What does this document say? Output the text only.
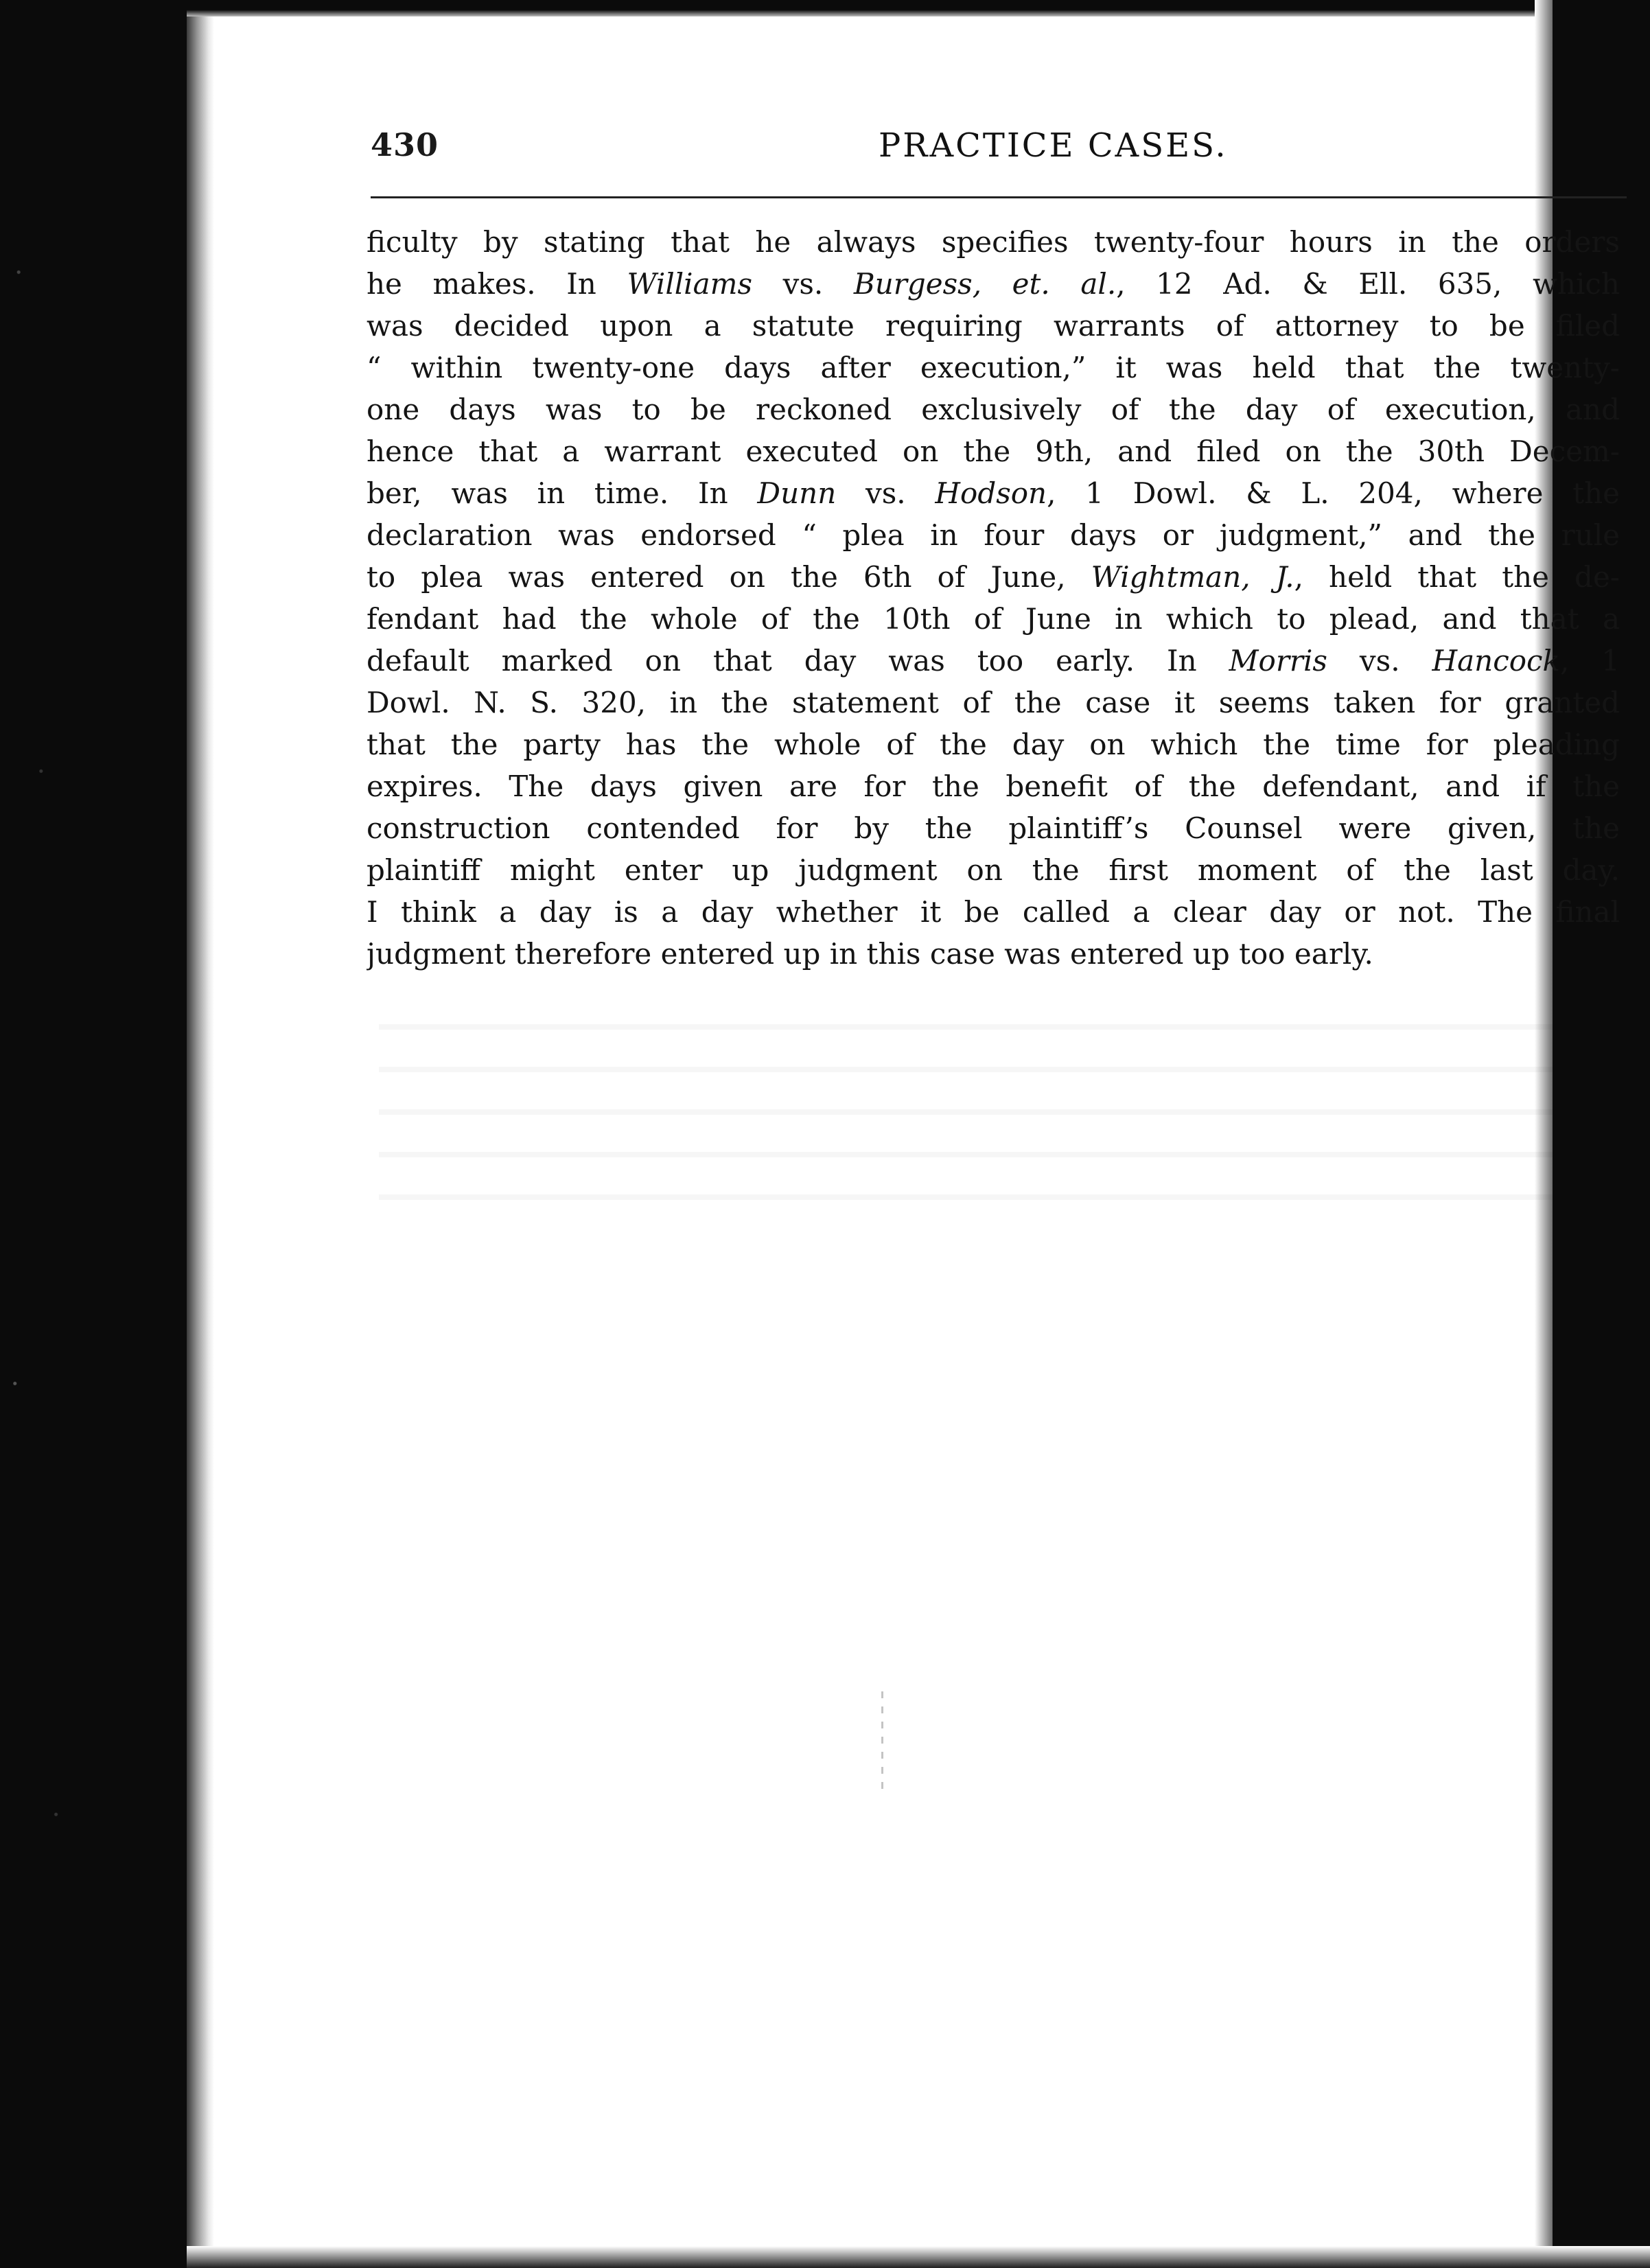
430	PRACTICE CASES.
ficulty by stating that he always specifies twenty-four hours in the orders
he makes. In Williams vs. Burgess, et. al., 12 Ad. & Ell. 635, which
was decided upon a statute requiring warrants of attorney to be filed
“ within twenty-one days after execution,” it was held that the twenty-
one days was to be reckoned exclusively of the day of execution, and
hence that a warrant executed on the 9th, and filed on the 30th Decem-
ber, was in time. In Dunn vs. Hodson, 1 Dowl. & L. 204, where the
declaration was endorsed “ plea in four days or judgment,” and the rule
to plea was entered on the 6th of June, Wightman, J., held that the de-
fendant had the whole of the 10th of June in which to plead, and that a
default marked on that day was too early. In Morris vs. Hancock, 1
Dowl. N. S. 320, in the statement of the case it seems taken for granted
that the party has the whole of the day on which the time for pleading
expires. The days given are for the benefit of the defendant, and if the
construction contended for by the plaintiff’s Counsel were given, the
plaintiff might enter up judgment on the first moment of the last day.
I think a day is a day whether it be called a clear day or not. The final
judgment therefore entered up in this case was entered up too early.
